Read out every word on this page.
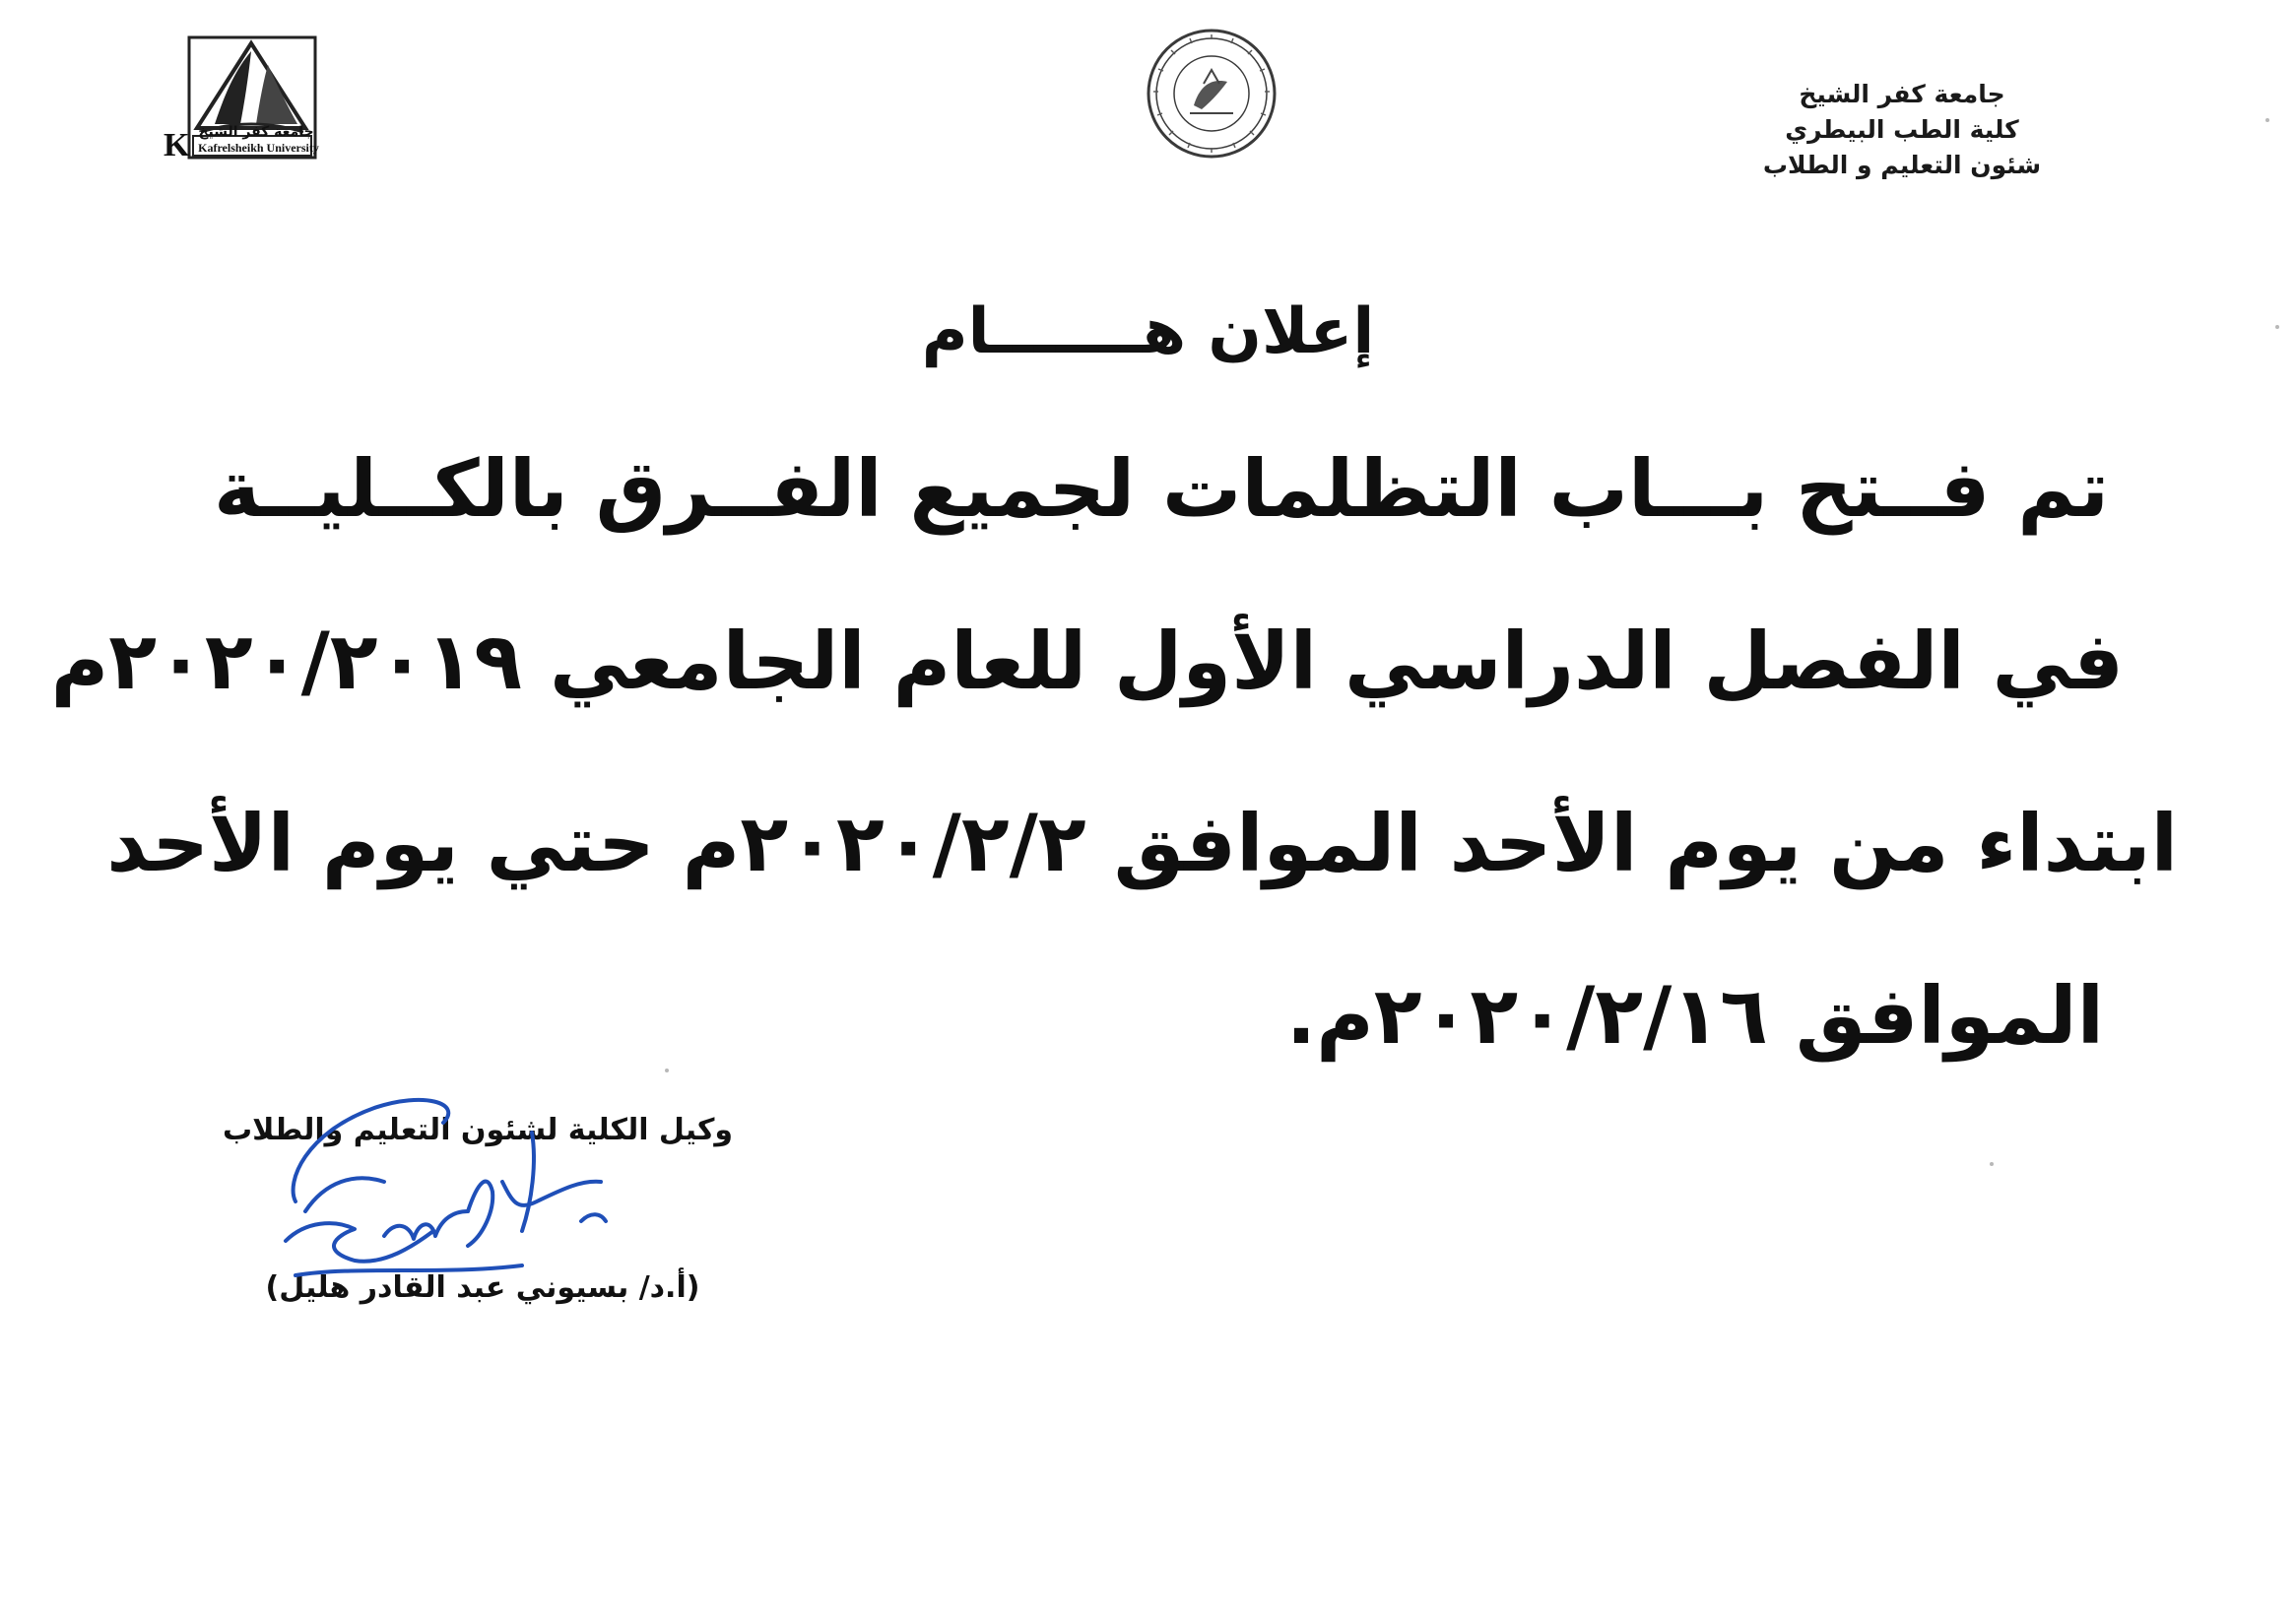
K جامعة كفر الشيخ
Kafrelsheikh University
جامعة كفر الشيخ
كلية الطب البيطري
شئون التعليم و الطلاب
إعلان هـــــــام
تم فــتح بـــاب التظلمات لجميع الفــرق بالكــليــة
في الفصل الدراسي الأول للعام الجامعي ٢٠٢٠/٢٠١٩م
ابتداء من يوم الأحد الموافق ٢٠٢٠/٢/٢م حتي يوم الأحد
الموافق ٢٠٢٠/٢/١٦م.
وكيل الكلية لشئون التعليم والطلاب
(أ.د/ بسيوني عبد القادر هليل)
